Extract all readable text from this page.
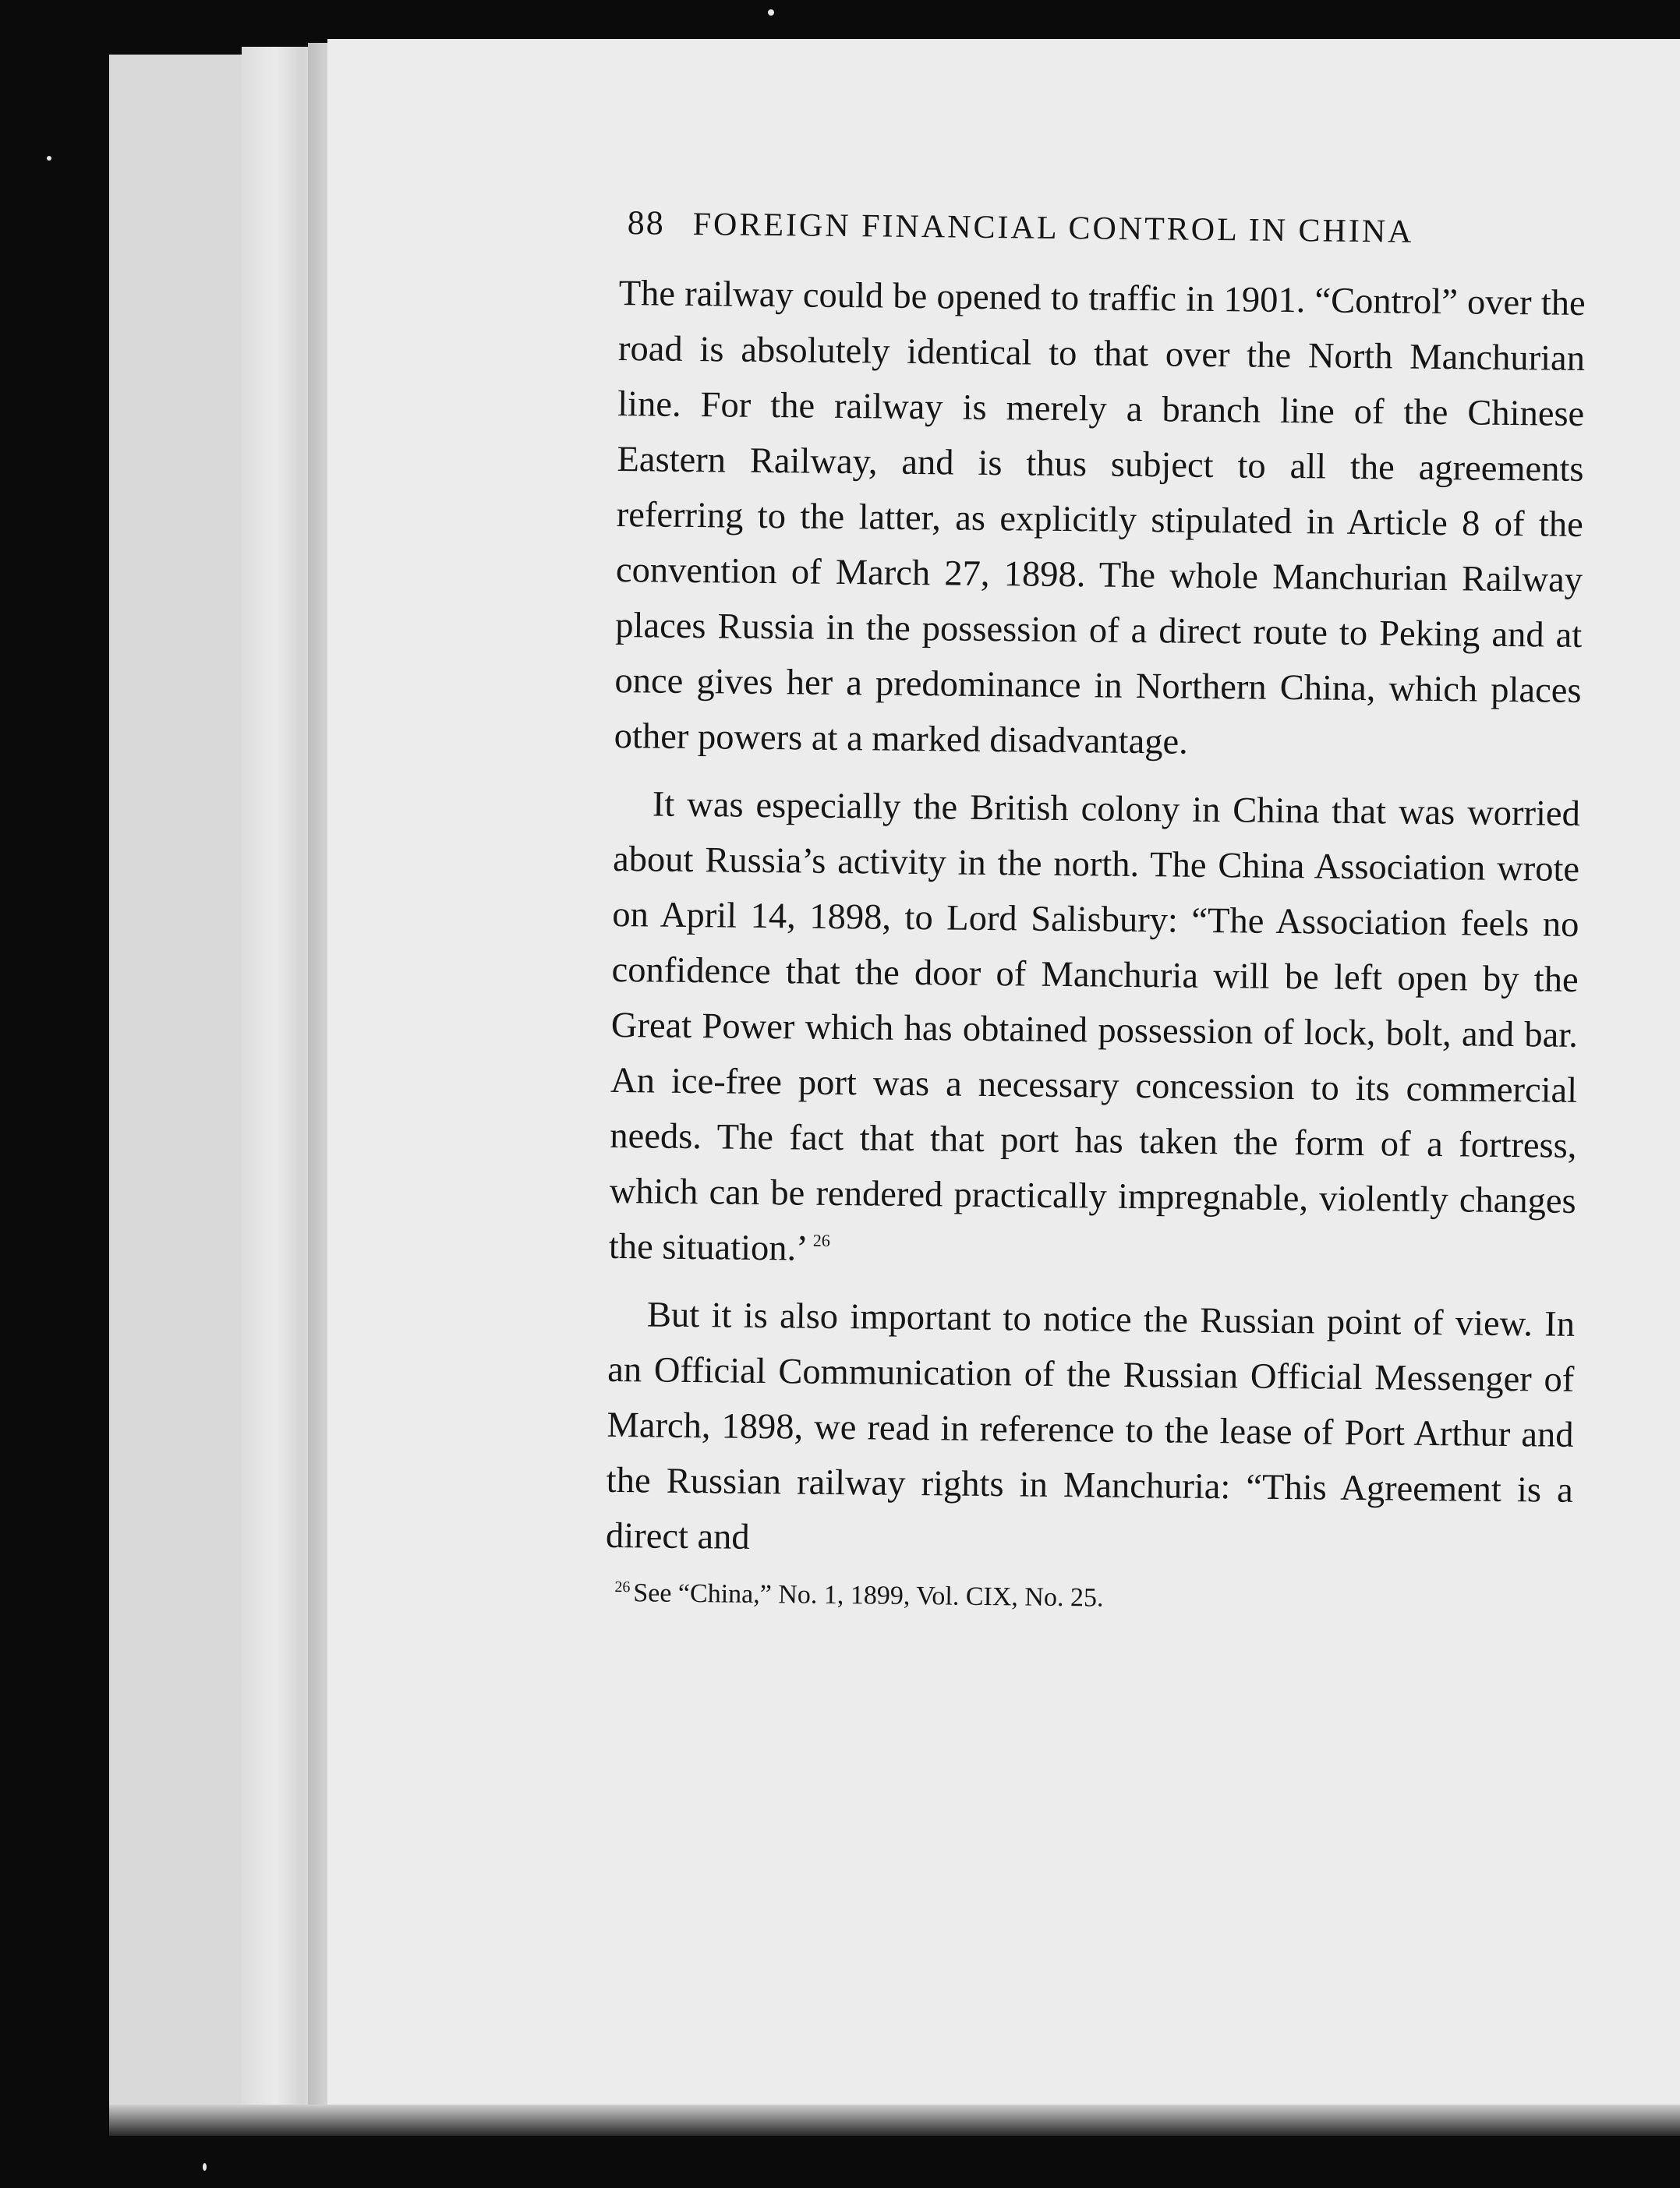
88 FOREIGN FINANCIAL CONTROL IN CHINA

The railway could be opened to traffic in 1901. “Control” over the road is absolutely identical to that over the North Manchurian line. For the railway is merely a branch line of the Chinese Eastern Railway, and is thus subject to all the agreements referring to the latter, as explicitly stipulated in Article 8 of the convention of March 27, 1898. The whole Manchurian Railway places Russia in the possession of a direct route to Peking and at once gives her a predominance in Northern China, which places other powers at a marked disadvantage.

It was especially the British colony in China that was worried about Russia’s activity in the north. The China Association wrote on April 14, 1898, to Lord Salisbury: “The Association feels no confidence that the door of Manchuria will be left open by the Great Power which has obtained possession of lock, bolt, and bar. An ice-free port was a necessary concession to its commercial needs. The fact that that port has taken the form of a fortress, which can be rendered practically impregnable, violently changes the situation.’ $^{26}$

But it is also important to notice the Russian point of view. In an Official Communication of the Russian Official Messenger of March, 1898, we read in reference to the lease of Port Arthur and the Russian railway rights in Manchuria: “This Agreement is a direct and

$^{26}$ See “China,” No. 1, 1899, Vol. CIX, No. 25.
